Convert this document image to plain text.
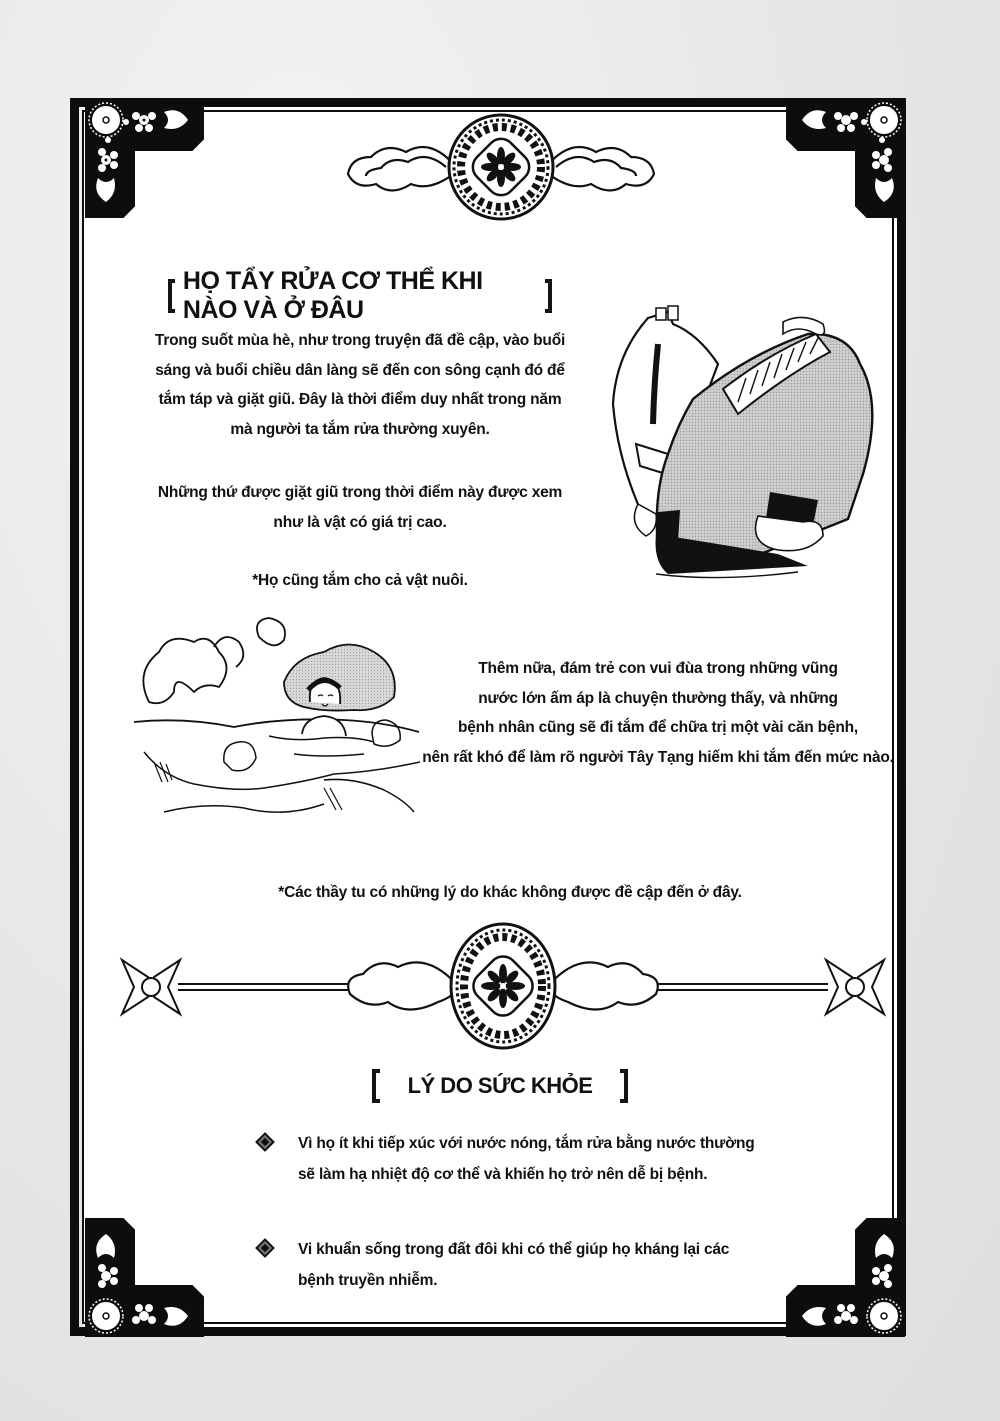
HỌ TẨY RỬA CƠ THỂ KHI NÀO VÀ Ở ĐÂU
Trong suốt mùa hè, như trong truyện đã đề cập, vào buổi
sáng và buổi chiều dân làng sẽ đến con sông cạnh đó để
tắm táp và giặt giũ. Đây là thời điểm duy nhất trong năm
mà người ta tắm rửa thường xuyên.
Những thứ được giặt giũ trong thời điểm này được xem
như là vật có giá trị cao.
*Họ cũng tắm cho cả vật nuôi.
Thêm nữa, đám trẻ con vui đùa trong những vũng
nước lớn ấm áp là chuyện thường thấy, và những
bệnh nhân cũng sẽ đi tắm để chữa trị một vài căn bệnh,
nên rất khó để làm rõ người Tây Tạng hiếm khi tắm đến mức nào.
*Các thầy tu có những lý do khác không được đề cập đến ở đây.
LÝ DO SỨC KHỎE
Vì họ ít khi tiếp xúc với nước nóng, tắm rửa bằng nước thường
sẽ làm hạ nhiệt độ cơ thể và khiến họ trở nên dễ bị bệnh.
Vi khuẩn sống trong đất đôi khi có thể giúp họ kháng lại các
bệnh truyền nhiễm.
